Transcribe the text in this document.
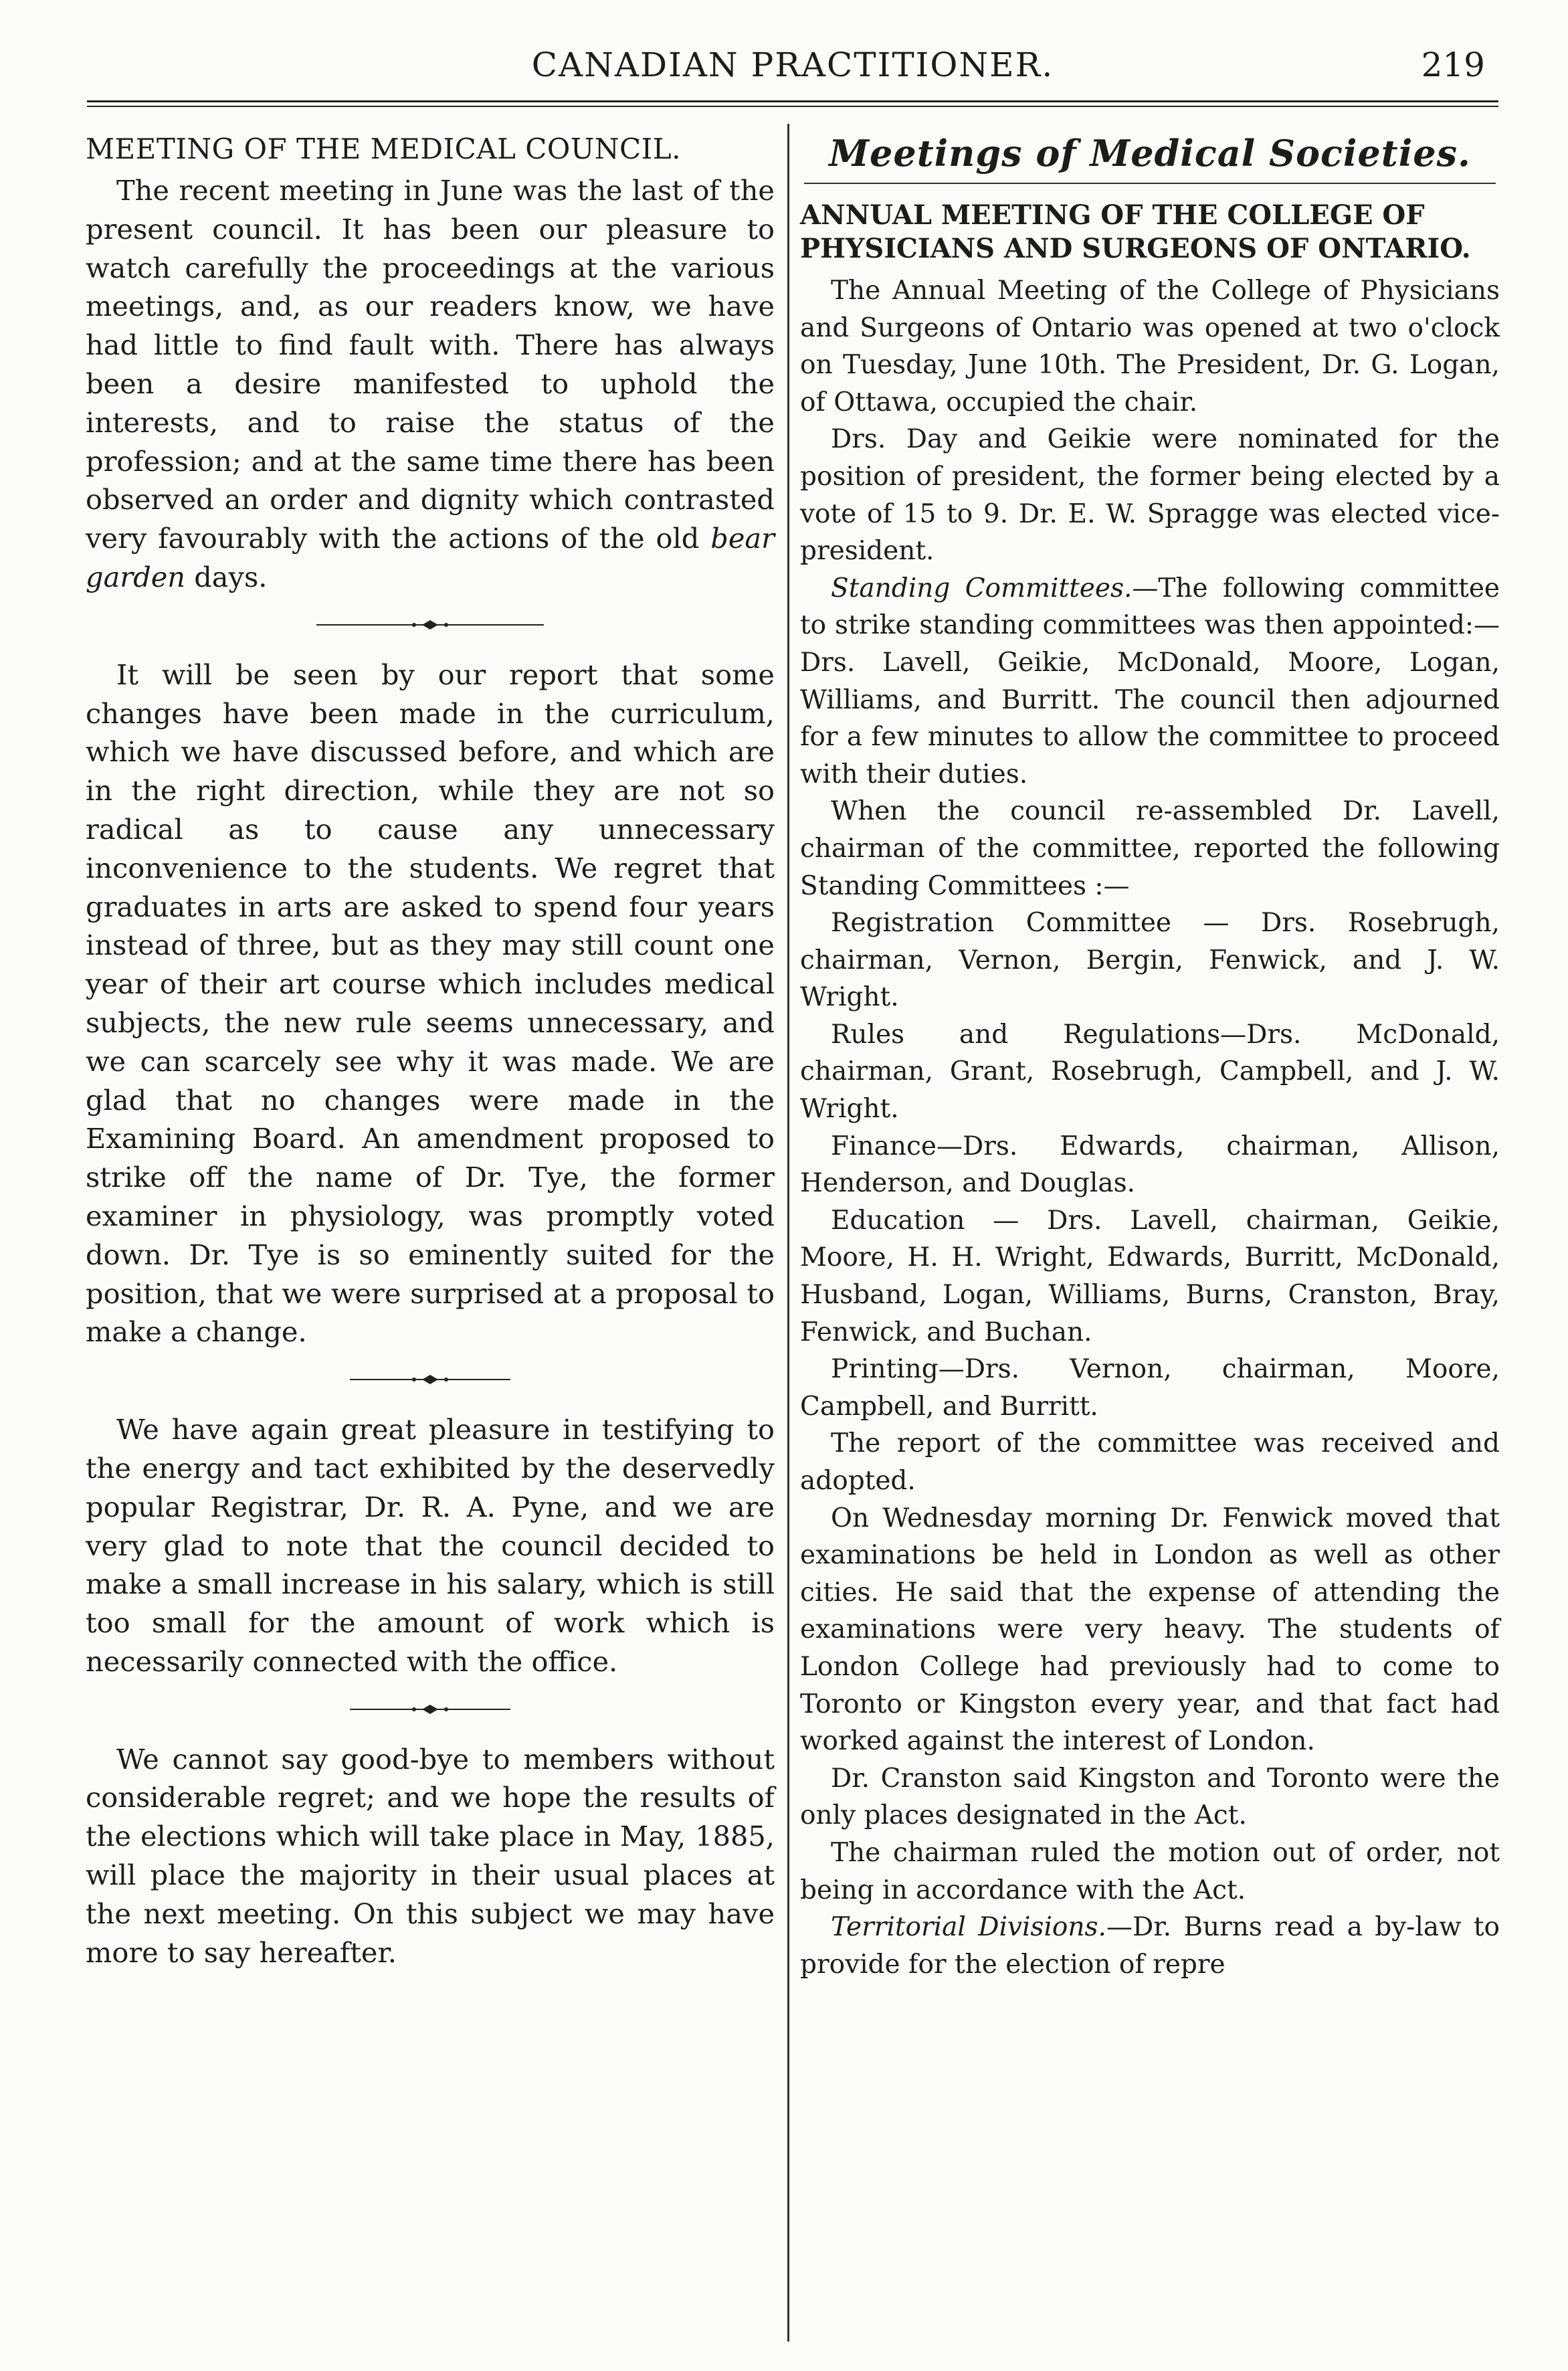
CANADIAN PRACTITIONER.	219
MEETING OF THE MEDICAL COUNCIL.

The recent meeting in June was the last of the present council. It has been our pleasure to watch carefully the proceedings at the various meetings, and, as our readers know, we have had little to find fault with. There has always been a desire manifested to uphold the interests, and to raise the status of the profession; and at the same time there has been observed an order and dignity which contrasted very favourably with the actions of the old bear garden days.

It will be seen by our report that some changes have been made in the curriculum, which we have discussed before, and which are in the right direction, while they are not so radical as to cause any unnecessary inconvenience to the students. We regret that graduates in arts are asked to spend four years instead of three, but as they may still count one year of their art course which includes medical subjects, the new rule seems unnecessary, and we can scarcely see why it was made. We are glad that no changes were made in the Examining Board. An amendment proposed to strike off the name of Dr. Tye, the former examiner in physiology, was promptly voted down. Dr. Tye is so eminently suited for the position, that we were surprised at a proposal to make a change.

We have again great pleasure in testifying to the energy and tact exhibited by the deservedly popular Registrar, Dr. R. A. Pyne, and we are very glad to note that the council decided to make a small increase in his salary, which is still too small for the amount of work which is necessarily connected with the office.

We cannot say good-bye to members without considerable regret; and we hope the results of the elections which will take place in May, 1885, will place the majority in their usual places at the next meeting. On this subject we may have more to say hereafter.

Meetings of Medical Societies.
ANNUAL MEETING OF THE COLLEGE OF PHYSICIANS AND SURGEONS OF ONTARIO.

The Annual Meeting of the College of Physicians and Surgeons of Ontario was opened at two o'clock on Tuesday, June 10th. The President, Dr. G. Logan, of Ottawa, occupied the chair.

Drs. Day and Geikie were nominated for the position of president, the former being elected by a vote of 15 to 9. Dr. E. W. Spragge was elected vice-president.

Standing Committees.—The following committee to strike standing committees was then appointed:—Drs. Lavell, Geikie, McDonald, Moore, Logan, Williams, and Burritt. The council then adjourned for a few minutes to allow the committee to proceed with their duties.

When the council re-assembled Dr. Lavell, chairman of the committee, reported the following Standing Committees :—

Registration Committee — Drs. Rosebrugh, chairman, Vernon, Bergin, Fenwick, and J. W. Wright.

Rules and Regulations—Drs. McDonald, chairman, Grant, Rosebrugh, Campbell, and J. W. Wright.

Finance—Drs. Edwards, chairman, Allison, Henderson, and Douglas.

Education — Drs. Lavell, chairman, Geikie, Moore, H. H. Wright, Edwards, Burritt, McDonald, Husband, Logan, Williams, Burns, Cranston, Bray, Fenwick, and Buchan.

Printing—Drs. Vernon, chairman, Moore, Campbell, and Burritt.

The report of the committee was received and adopted.

On Wednesday morning Dr. Fenwick moved that examinations be held in London as well as other cities. He said that the expense of attending the examinations were very heavy. The students of London College had previously had to come to Toronto or Kingston every year, and that fact had worked against the interest of London.

Dr. Cranston said Kingston and Toronto were the only places designated in the Act.

The chairman ruled the motion out of order, not being in accordance with the Act.

Territorial Divisions.—Dr. Burns read a by-law to provide for the election of repre
